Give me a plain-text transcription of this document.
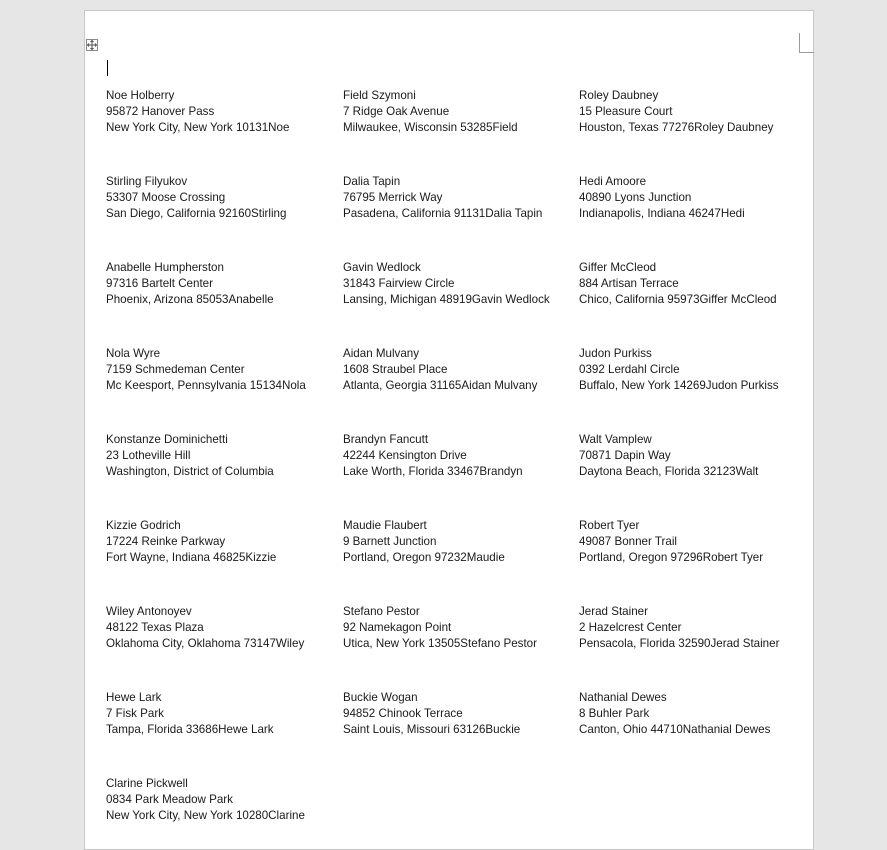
Noe Holberry
95872 Hanover Pass
New York City, New York 10131Noe
Field Szymoni
7 Ridge Oak Avenue
Milwaukee, Wisconsin 53285Field
Roley Daubney
15 Pleasure Court
Houston, Texas 77276Roley Daubney
Stirling Filyukov
53307 Moose Crossing
San Diego, California 92160Stirling
Dalia Tapin
76795 Merrick Way
Pasadena, California 91131Dalia Tapin
Hedi Amoore
40890 Lyons Junction
Indianapolis, Indiana 46247Hedi
Anabelle Humpherston
97316 Bartelt Center
Phoenix, Arizona 85053Anabelle
Gavin Wedlock
31843 Fairview Circle
Lansing, Michigan 48919Gavin Wedlock
Giffer McCleod
884 Artisan Terrace
Chico, California 95973Giffer McCleod
Nola Wyre
7159 Schmedeman Center
Mc Keesport, Pennsylvania 15134Nola
Aidan Mulvany
1608 Straubel Place
Atlanta, Georgia 31165Aidan Mulvany
Judon Purkiss
0392 Lerdahl Circle
Buffalo, New York 14269Judon Purkiss
Konstanze Dominichetti
23 Lotheville Hill
Washington, District of Columbia
Brandyn Fancutt
42244 Kensington Drive
Lake Worth, Florida 33467Brandyn
Walt Vamplew
70871 Dapin Way
Daytona Beach, Florida 32123Walt
Kizzie Godrich
17224 Reinke Parkway
Fort Wayne, Indiana 46825Kizzie
Maudie Flaubert
9 Barnett Junction
Portland, Oregon 97232Maudie
Robert Tyer
49087 Bonner Trail
Portland, Oregon 97296Robert Tyer
Wiley Antonoyev
48122 Texas Plaza
Oklahoma City, Oklahoma 73147Wiley
Stefano Pestor
92 Namekagon Point
Utica, New York 13505Stefano Pestor
Jerad Stainer
2 Hazelcrest Center
Pensacola, Florida 32590Jerad Stainer
Hewe Lark
7 Fisk Park
Tampa, Florida 33686Hewe Lark
Buckie Wogan
94852 Chinook Terrace
Saint Louis, Missouri 63126Buckie
Nathanial Dewes
8 Buhler Park
Canton, Ohio 44710Nathanial Dewes
Clarine Pickwell
0834 Park Meadow Park
New York City, New York 10280Clarine
